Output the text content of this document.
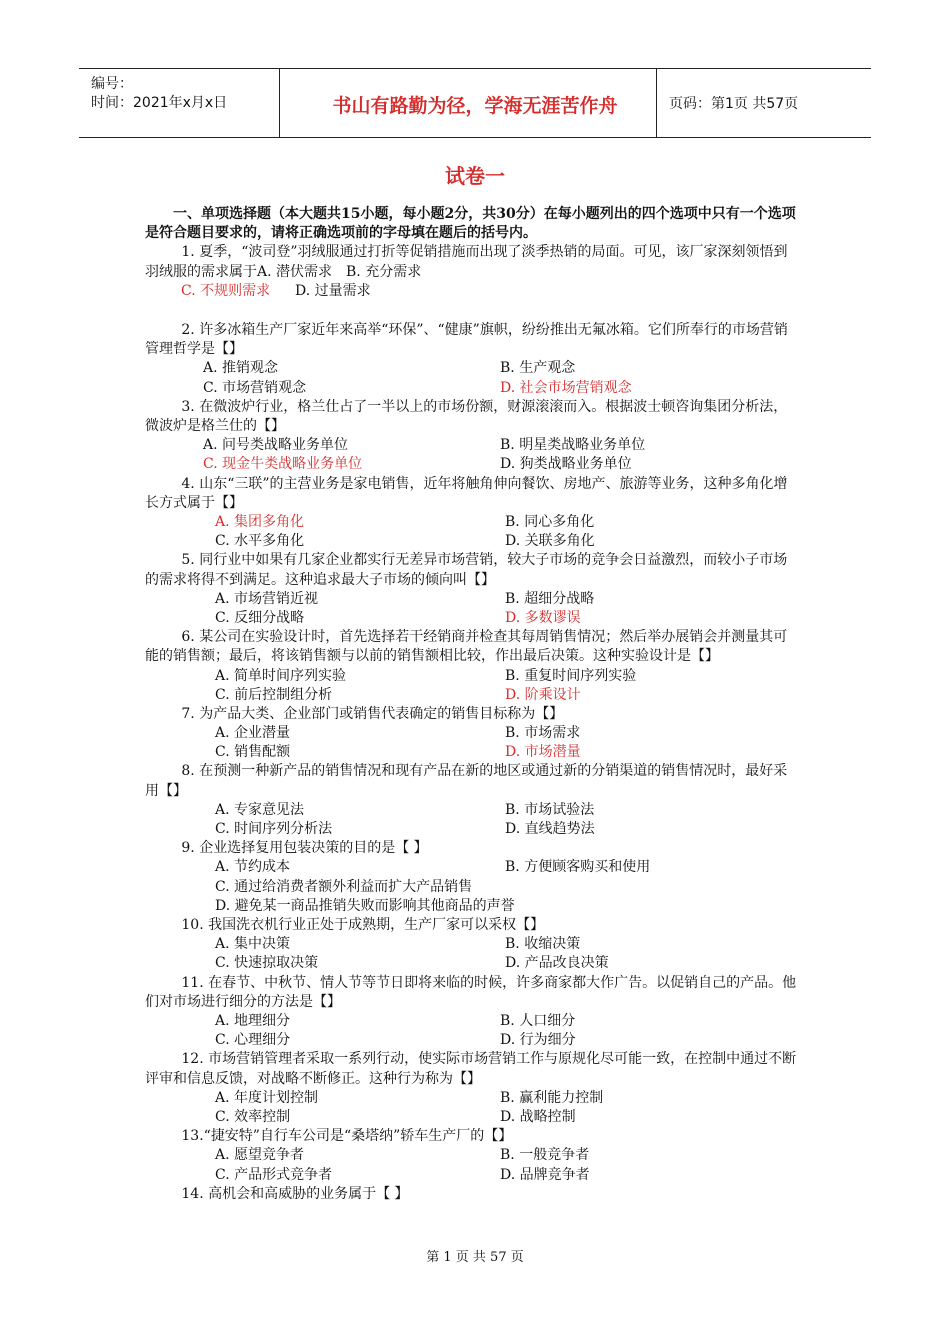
编号：
时间：2021年x月x日	书山有路勤为径，学海无涯苦作舟	页码：第1页 共57页
试卷一

一、单项选择题（本大题共15小题，每小题2分，共30分）在每小题列出的四个选项中只有一个选项是符合题目要求的，请将正确选项前的字母填在题后的括号内。

1. 夏季，“波司登”羽绒服通过打折等促销措施而出现了淡季热销的局面。可见，该厂家深刻领悟到羽绒服的需求属于A. 潜伏需求　B. 充分需求

C. 不规则需求 D. 过量需求

2. 许多冰箱生产厂家近年来高举“环保”、“健康”旗帜，纷纷推出无氟冰箱。它们所奉行的市场营销管理哲学是【】

A. 推销观念	B. 生产观念
C. 市场营销观念	D. 社会市场营销观念

3. 在微波炉行业，格兰仕占了一半以上的市场份额，财源滚滚而入。根据波士顿咨询集团分析法，微波炉是格兰仕的【】

A. 问号类战略业务单位	B. 明星类战略业务单位
C. 现金牛类战略业务单位	D. 狗类战略业务单位

4. 山东“三联”的主营业务是家电销售，近年将触角伸向餐饮、房地产、旅游等业务，这种多角化增长方式属于【】

A. 集团多角化	B. 同心多角化
C. 水平多角化	D. 关联多角化

5. 同行业中如果有几家企业都实行无差异市场营销，较大子市场的竞争会日益激烈，而较小子市场的需求将得不到满足。这种追求最大子市场的倾向叫【】

A. 市场营销近视	B. 超细分战略
C. 反细分战略	D. 多数谬误

6. 某公司在实验设计时，首先选择若干经销商并检查其每周销售情况；然后举办展销会并测量其可能的销售额；最后，将该销售额与以前的销售额相比较，作出最后决策。这种实验设计是【】

A. 简单时间序列实验	B. 重复时间序列实验
C. 前后控制组分析	D. 阶乘设计

7. 为产品大类、企业部门或销售代表确定的销售目标称为【】

A. 企业潜量	B. 市场需求
C. 销售配额	D. 市场潜量

8. 在预测一种新产品的销售情况和现有产品在新的地区或通过新的分销渠道的销售情况时，最好采用【】

A. 专家意见法	B. 市场试验法
C. 时间序列分析法	D. 直线趋势法

9. 企业选择复用包装决策的目的是【 】

A. 节约成本	B. 方便顾客购买和使用
C. 通过给消费者额外利益而扩大产品销售
D. 避免某一商品推销失败而影响其他商品的声誉

10. 我国洗衣机行业正处于成熟期，生产厂家可以采权【】

A. 集中决策	B. 收缩决策
C. 快速掠取决策	D. 产品改良决策

11. 在春节、中秋节、情人节等节日即将来临的时候，许多商家都大作广告。以促销自己的产品。他们对市场进行细分的方法是【】

A. 地理细分	B. 人口细分
C. 心理细分	D. 行为细分

12. 市场营销管理者采取一系列行动，使实际市场营销工作与原规化尽可能一致，在控制中通过不断评审和信息反馈，对战略不断修正。这种行为称为【】

A. 年度计划控制	B. 赢利能力控制
C. 效率控制	D. 战略控制

13.“捷安特”自行车公司是“桑塔纳”轿车生产厂的【】

A. 愿望竞争者	B. 一般竞争者
C. 产品形式竞争者	D. 品牌竞争者

14. 高机会和高威胁的业务属于【 】

第 1 页 共 57 页
